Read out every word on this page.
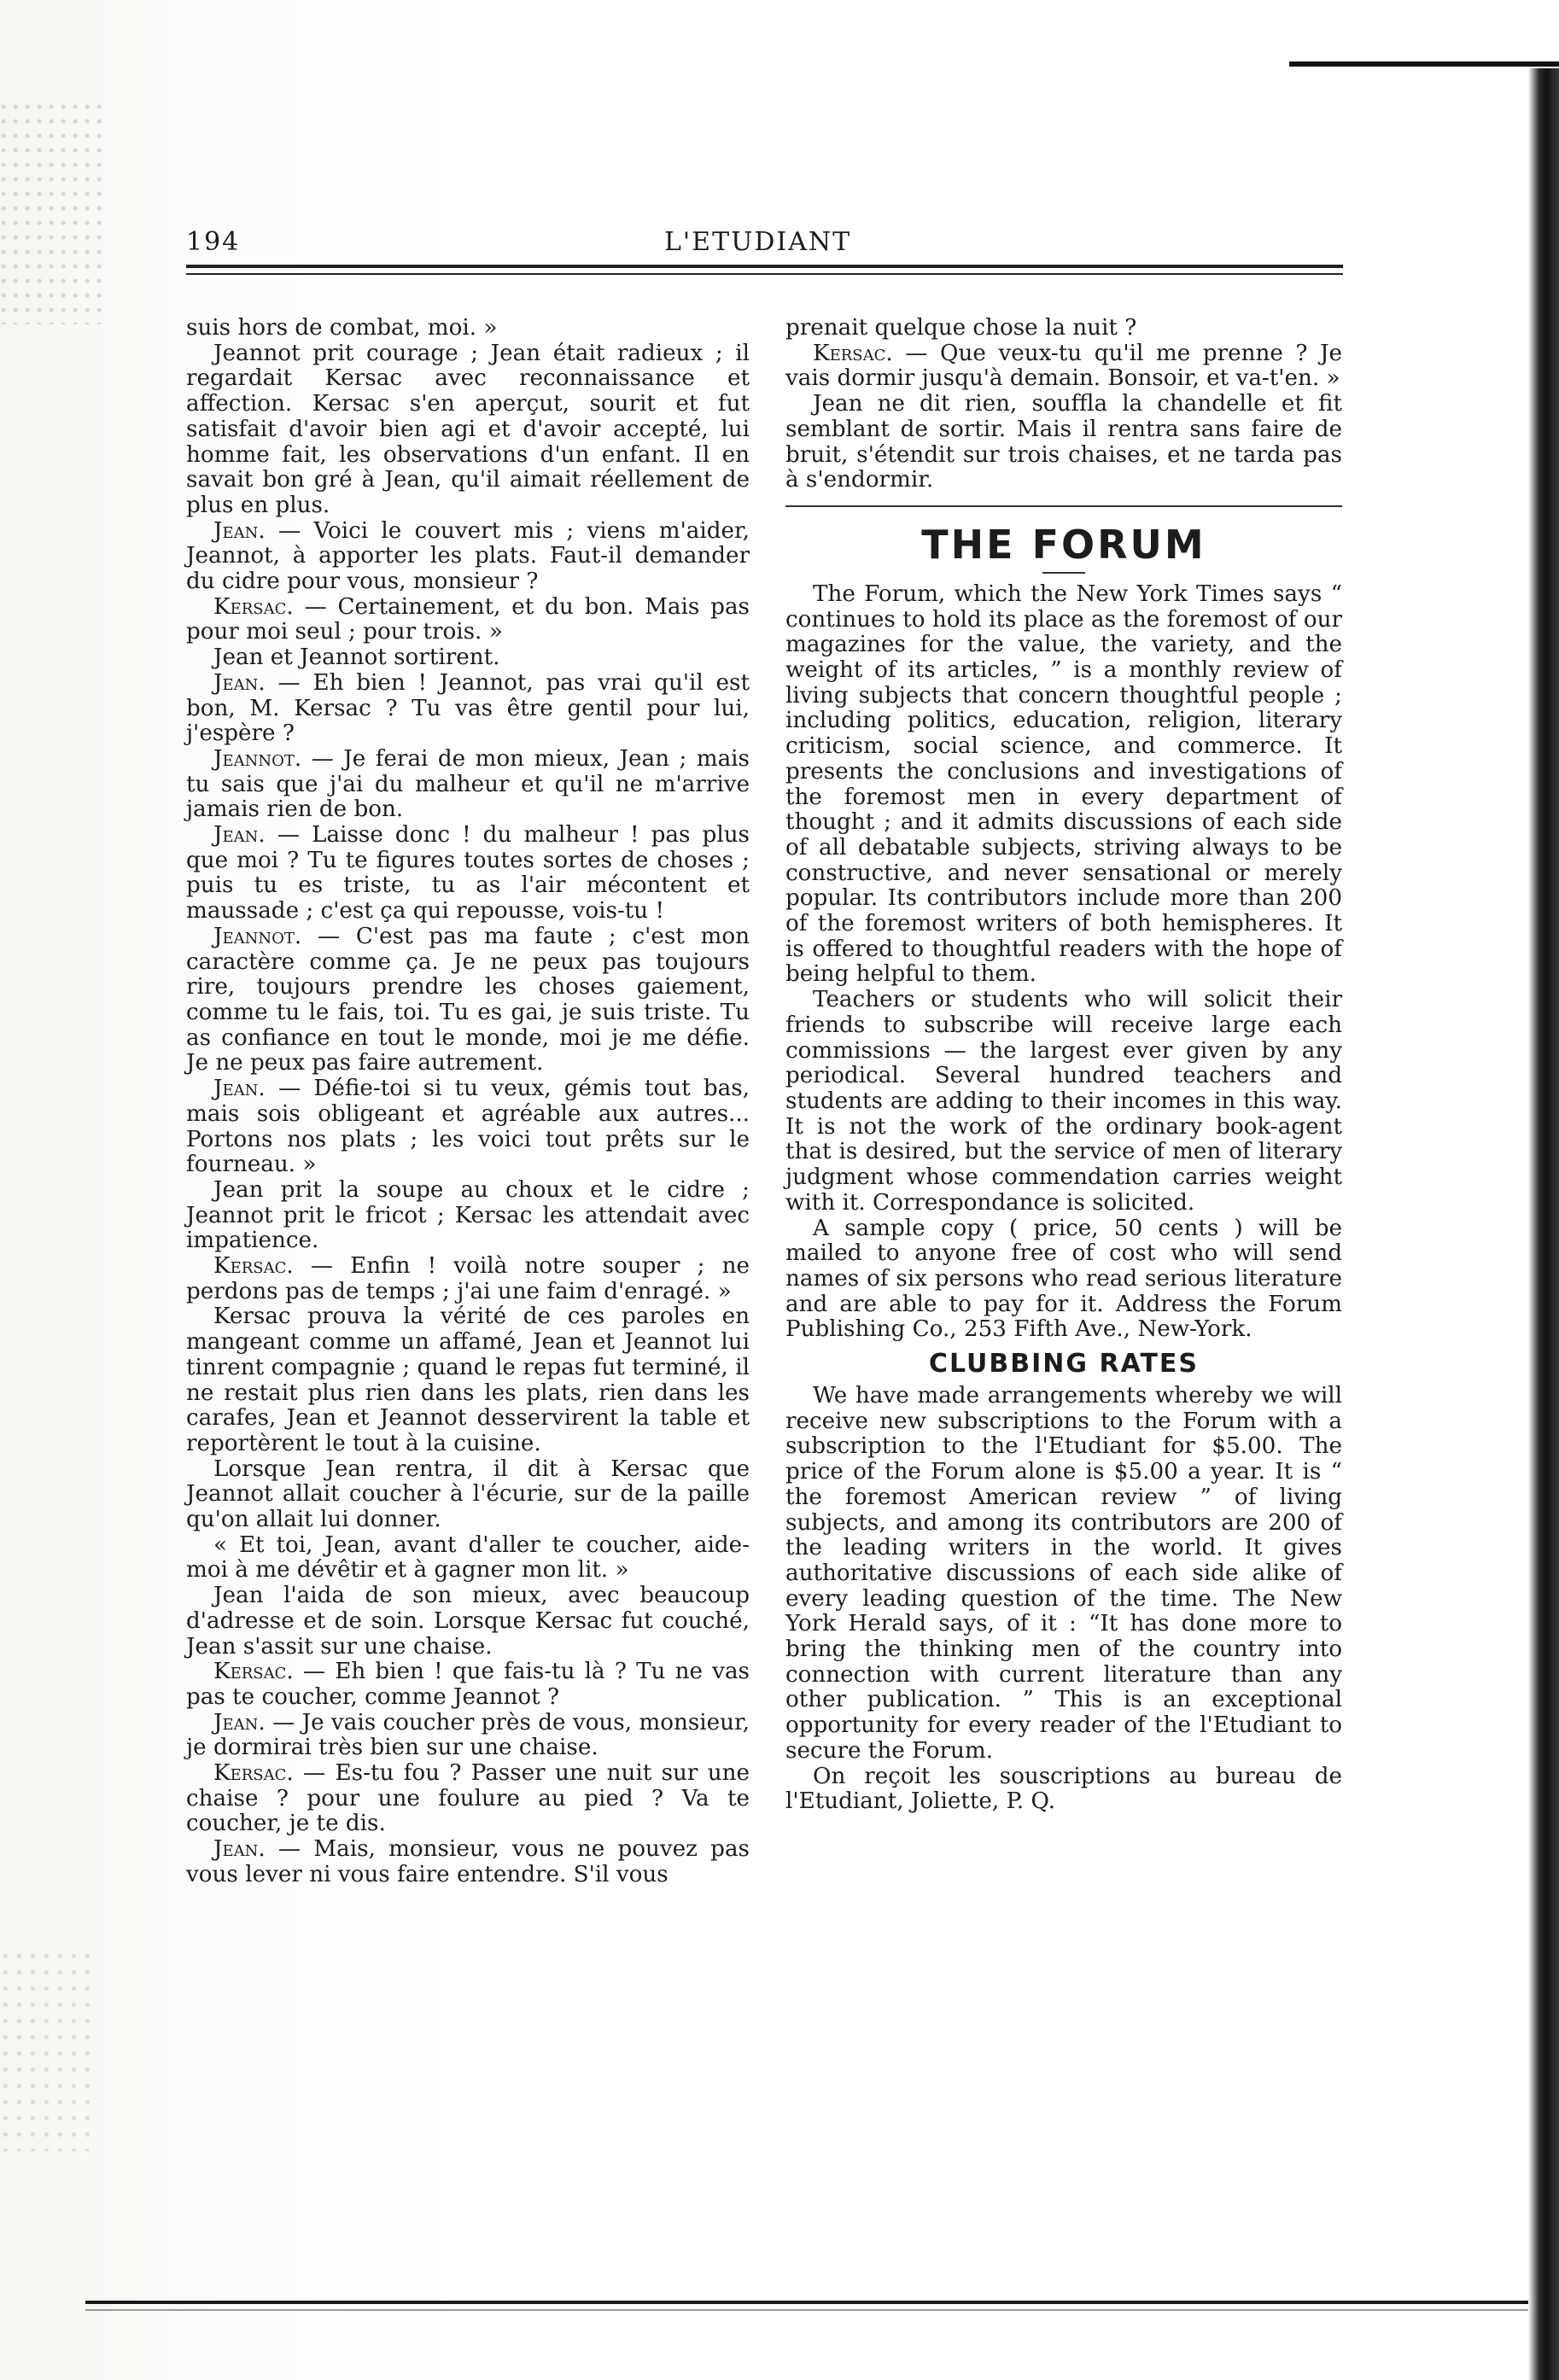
194	L'ETUDIANT

suis hors de combat, moi. »

Jeannot prit courage ; Jean était radieux ; il regardait Kersac avec reconnaissance et affection. Kersac s'en aperçut, sourit et fut satisfait d'avoir bien agi et d'avoir accepté, lui homme fait, les observations d'un enfant. Il en savait bon gré à Jean, qu'il aimait réellement de plus en plus.

Jean. — Voici le couvert mis ; viens m'aider, Jeannot, à apporter les plats. Faut-il demander du cidre pour vous, monsieur ?

Kersac. — Certainement, et du bon. Mais pas pour moi seul ; pour trois. »

Jean et Jeannot sortirent.

Jean. — Eh bien ! Jeannot, pas vrai qu'il est bon, M. Kersac ? Tu vas être gentil pour lui, j'espère ?

Jeannot. — Je ferai de mon mieux, Jean ; mais tu sais que j'ai du malheur et qu'il ne m'arrive jamais rien de bon.

Jean. — Laisse donc ! du malheur ! pas plus que moi ? Tu te figures toutes sortes de choses ; puis tu es triste, tu as l'air mécontent et maussade ; c'est ça qui repousse, vois-tu !

Jeannot. — C'est pas ma faute ; c'est mon caractère comme ça. Je ne peux pas toujours rire, toujours prendre les choses gaiement, comme tu le fais, toi. Tu es gai, je suis triste. Tu as confiance en tout le monde, moi je me défie. Je ne peux pas faire autrement.

Jean. — Défie-toi si tu veux, gémis tout bas, mais sois obligeant et agréable aux autres... Portons nos plats ; les voici tout prêts sur le fourneau. »

Jean prit la soupe au choux et le cidre ; Jeannot prit le fricot ; Kersac les attendait avec impatience.

Kersac. — Enfin ! voilà notre souper ; ne perdons pas de temps ; j'ai une faim d'enragé. »

Kersac prouva la vérité de ces paroles en mangeant comme un affamé, Jean et Jeannot lui tinrent compagnie ; quand le repas fut terminé, il ne restait plus rien dans les plats, rien dans les carafes, Jean et Jeannot desservirent la table et reportèrent le tout à la cuisine.

Lorsque Jean rentra, il dit à Kersac que Jeannot allait coucher à l'écurie, sur de la paille qu'on allait lui donner.

« Et toi, Jean, avant d'aller te coucher, aide-moi à me dévêtir et à gagner mon lit. »

Jean l'aida de son mieux, avec beaucoup d'adresse et de soin. Lorsque Kersac fut couché, Jean s'assit sur une chaise.

Kersac. — Eh bien ! que fais-tu là ? Tu ne vas pas te coucher, comme Jeannot ?

Jean. — Je vais coucher près de vous, monsieur, je dormirai très bien sur une chaise.

Kersac. — Es-tu fou ? Passer une nuit sur une chaise ? pour une foulure au pied ? Va te coucher, je te dis.

Jean. — Mais, monsieur, vous ne pouvez pas vous lever ni vous faire entendre. S'il vous

prenait quelque chose la nuit ?

Kersac. — Que veux-tu qu'il me prenne ? Je vais dormir jusqu'à demain. Bonsoir, et va-t'en. »

Jean ne dit rien, souffla la chandelle et fit semblant de sortir. Mais il rentra sans faire de bruit, s'étendit sur trois chaises, et ne tarda pas à s'endormir.

THE FORUM

The Forum, which the New York Times says “ continues to hold its place as the foremost of our magazines for the value, the variety, and the weight of its articles, ” is a monthly review of living subjects that concern thoughtful people ; including politics, education, religion, literary criticism, social science, and commerce. It presents the conclusions and investigations of the foremost men in every department of thought ; and it admits discussions of each side of all debatable subjects, striving always to be constructive, and never sensational or merely popular. Its contributors include more than 200 of the foremost writers of both hemispheres. It is offered to thoughtful readers with the hope of being helpful to them.

Teachers or students who will solicit their friends to subscribe will receive large each commissions — the largest ever given by any periodical. Several hundred teachers and students are adding to their incomes in this way. It is not the work of the ordinary book-agent that is desired, but the service of men of literary judgment whose commendation carries weight with it. Correspondance is solicited.

A sample copy ( price, 50 cents ) will be mailed to anyone free of cost who will send names of six persons who read serious literature and are able to pay for it. Address the Forum Publishing Co., 253 Fifth Ave., New-York.

CLUBBING RATES

We have made arrangements whereby we will receive new subscriptions to the Forum with a subscription to the l'Etudiant for $5.00. The price of the Forum alone is $5.00 a year. It is “ the foremost American review ” of living subjects, and among its contributors are 200 of the leading writers in the world. It gives authoritative discussions of each side alike of every leading question of the time. The New York Herald says, of it : “It has done more to bring the thinking men of the country into connection with current literature than any other publication. ” This is an exceptional opportunity for every reader of the l'Etudiant to secure the Forum.

On reçoit les souscriptions au bureau de l'Etudiant, Joliette, P. Q.
